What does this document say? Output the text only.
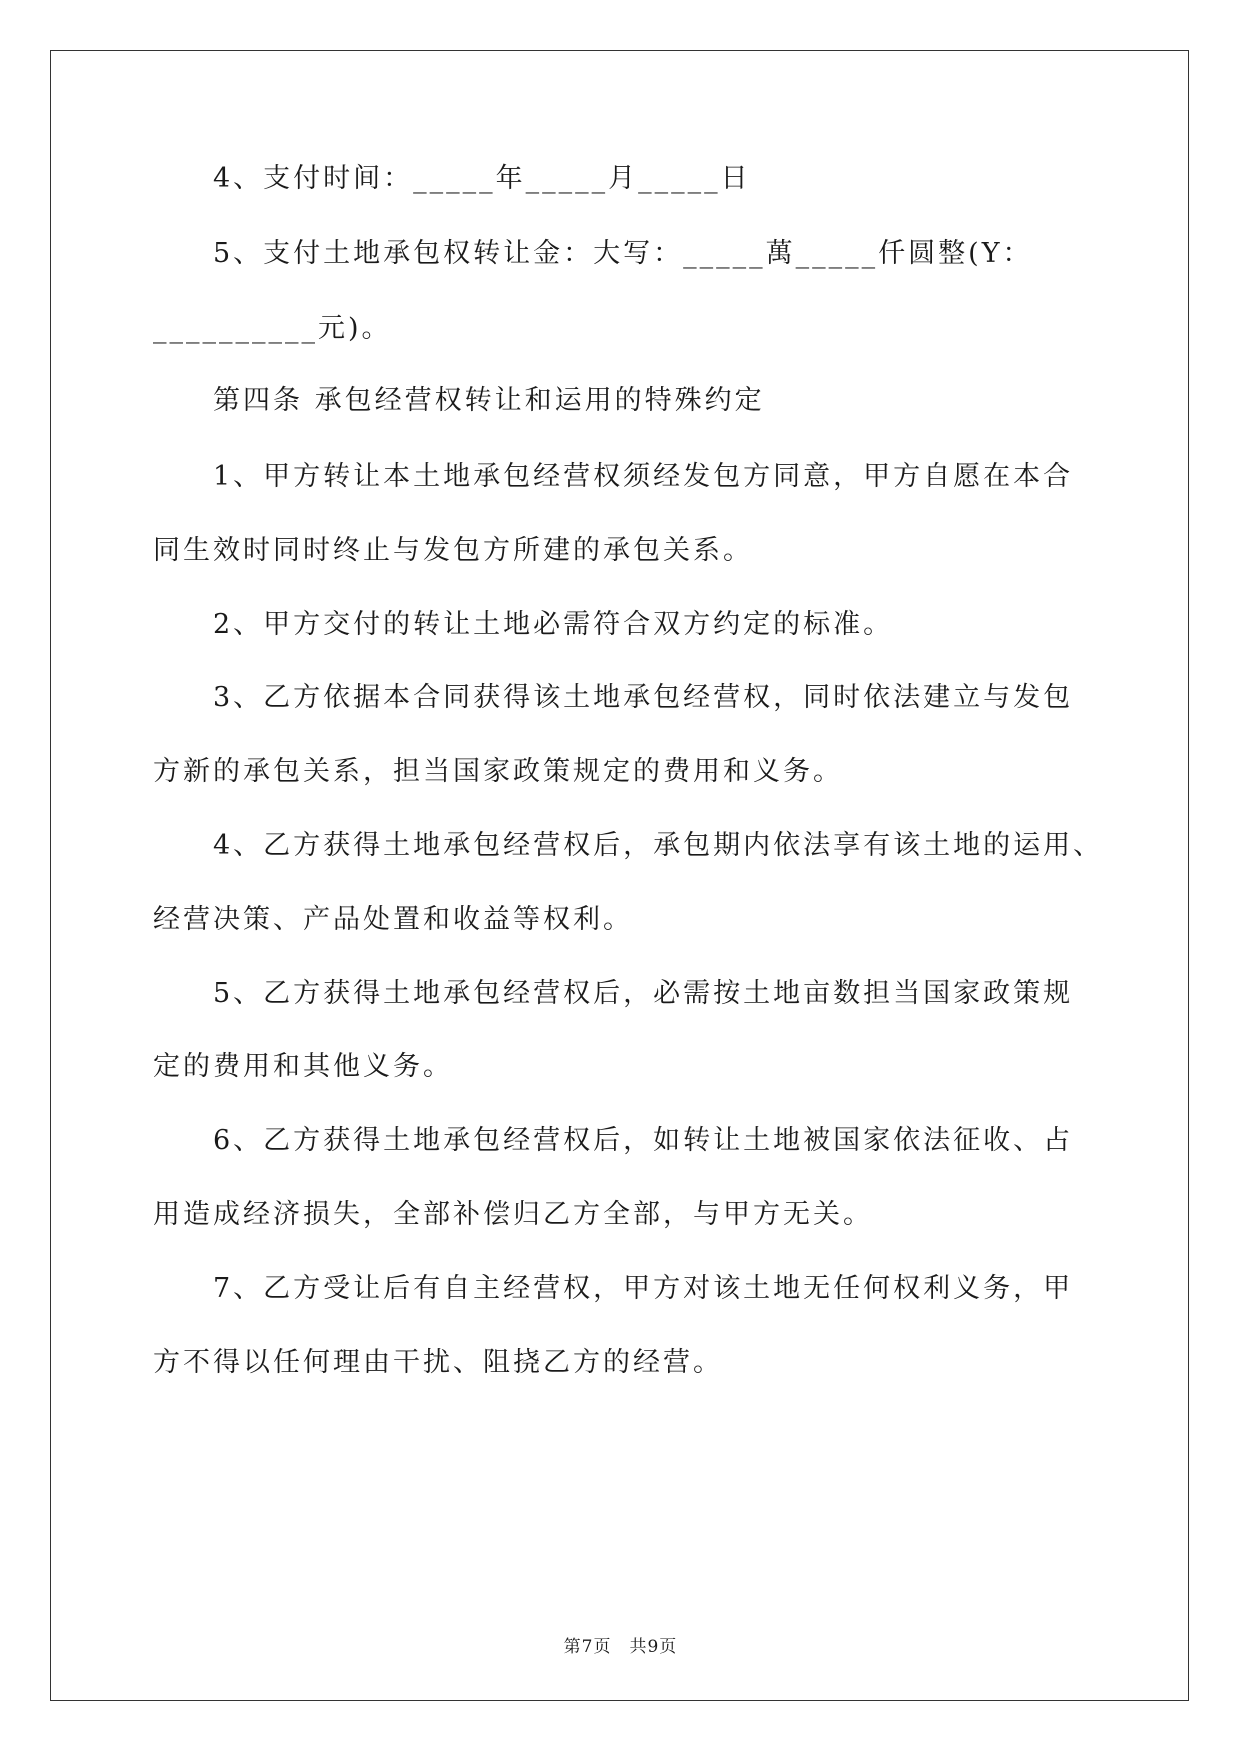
4、支付时间：_____年_____月_____日
5、支付土地承包权转让金：大写：_____萬_____仟圆整(Y：
__________元)。
第四条 承包经营权转让和运用的特殊约定
1、甲方转让本土地承包经营权须经发包方同意，甲方自愿在本合
同生效时同时终止与发包方所建的承包关系。
2、甲方交付的转让土地必需符合双方约定的标准。
3、乙方依据本合同获得该土地承包经营权，同时依法建立与发包
方新的承包关系，担当国家政策规定的费用和义务。
4、乙方获得土地承包经营权后，承包期内依法享有该土地的运用、
经营决策、产品处置和收益等权利。
5、乙方获得土地承包经营权后，必需按土地亩数担当国家政策规
定的费用和其他义务。
6、乙方获得土地承包经营权后，如转让土地被国家依法征收、占
用造成经济损失，全部补偿归乙方全部，与甲方无关。
7、乙方受让后有自主经营权，甲方对该土地无任何权利义务，甲
方不得以任何理由干扰、阻挠乙方的经营。
第7页　共9页
